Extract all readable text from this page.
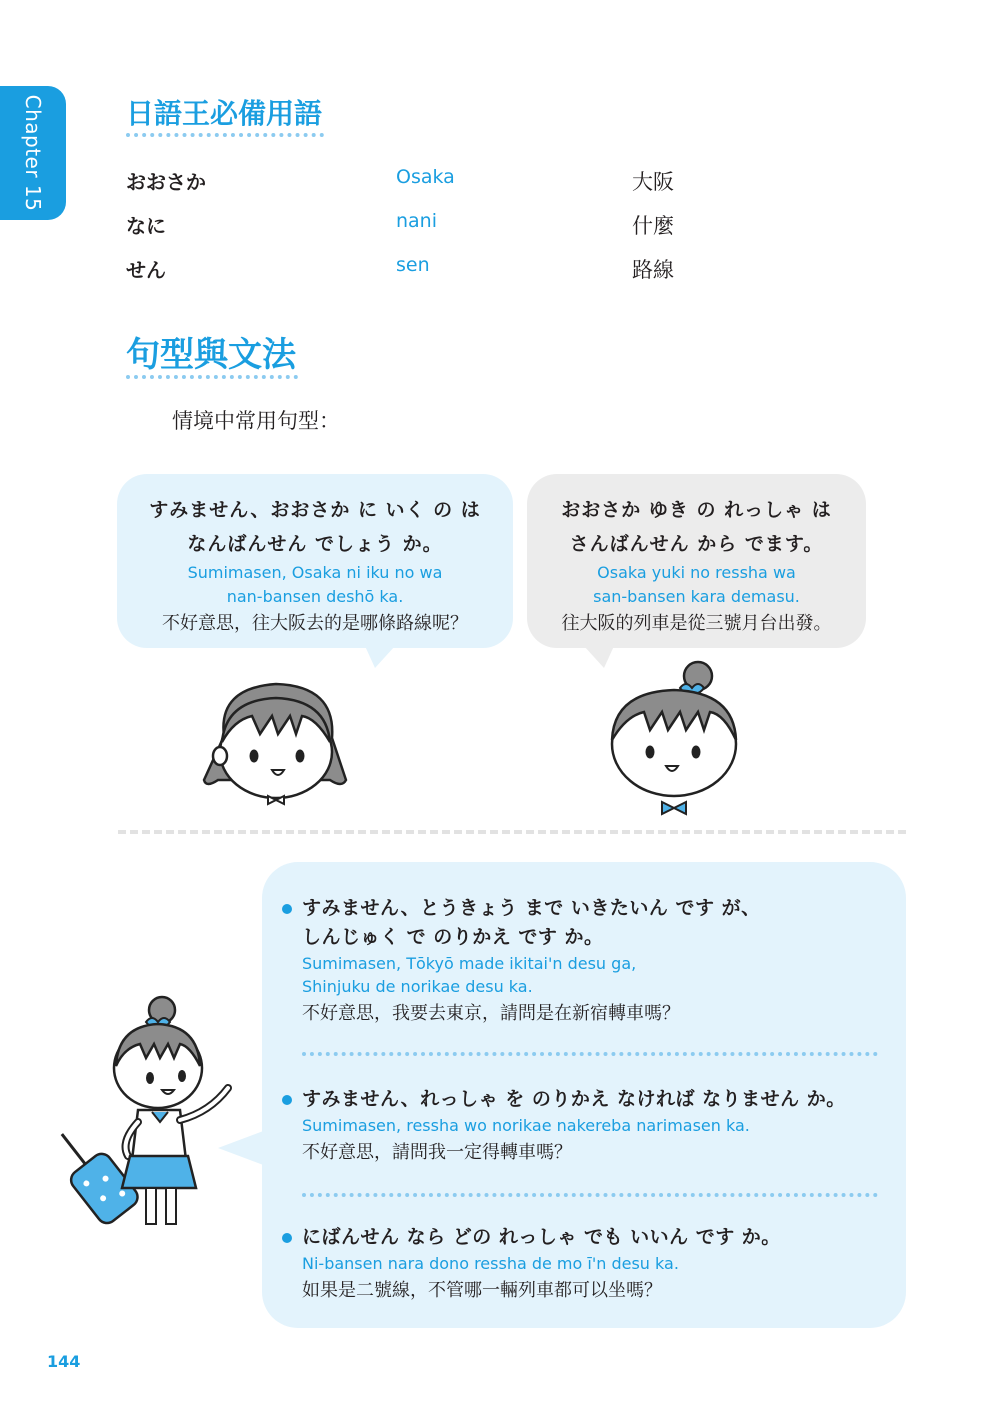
Chapter 15	日語王必備用語
おおさか	Osaka	大阪
なに	nani	什麼
せん	sen	路線
句型與文法
情境中常用句型：
すみません、おおさか に いく の は
なんばんせん でしょう か。
Sumimasen, Osaka ni iku no wa
nan-bansen deshō ka.
不好意思，往大阪去的是哪條路線呢？
おおさか ゆき の れっしゃ は
さんばんせん から でます。
Osaka yuki no ressha wa
san-bansen kara demasu.
往大阪的列車是從三號月台出發。
すみません、とうきょう まで いきたいん です が、
しんじゅく で のりかえ です か。
Sumimasen, Tōkyō made ikitai'n desu ga,
Shinjuku de norikae desu ka.
不好意思，我要去東京，請問是在新宿轉車嗎？
すみません、れっしゃ を のりかえ なければ なりません か。
Sumimasen, ressha wo norikae nakereba narimasen ka.
不好意思，請問我一定得轉車嗎？
にばんせん なら どの れっしゃ でも いいん です か。
Ni-bansen nara dono ressha de mo ī'n desu ka.
如果是二號線，不管哪一輛列車都可以坐嗎？
144
